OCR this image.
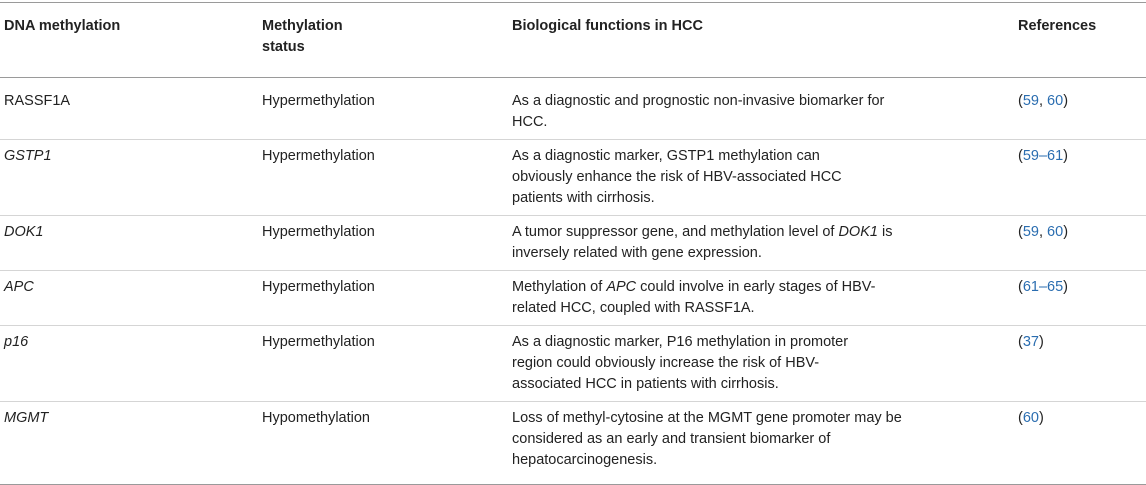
DNA methylation	Methylation status	Biological functions in HCC	References
RASSF1A	Hypermethylation	As a diagnostic and prognostic non-invasive biomarker for HCC.	(59, 60)
GSTP1	Hypermethylation	As a diagnostic marker, GSTP1 methylation can obviously enhance the risk of HBV-associated HCC patients with cirrhosis.	(59–61)
DOK1	Hypermethylation	A tumor suppressor gene, and methylation level of DOK1 is inversely related with gene expression.	(59, 60)
APC	Hypermethylation	Methylation of APC could involve in early stages of HBV-related HCC, coupled with RASSF1A.	(61–65)
p16	Hypermethylation	As a diagnostic marker, P16 methylation in promoter region could obviously increase the risk of HBV-associated HCC in patients with cirrhosis.	(37)
MGMT	Hypomethylation	Loss of methyl-cytosine at the MGMT gene promoter may be considered as an early and transient biomarker of hepatocarcinogenesis.	(60)
